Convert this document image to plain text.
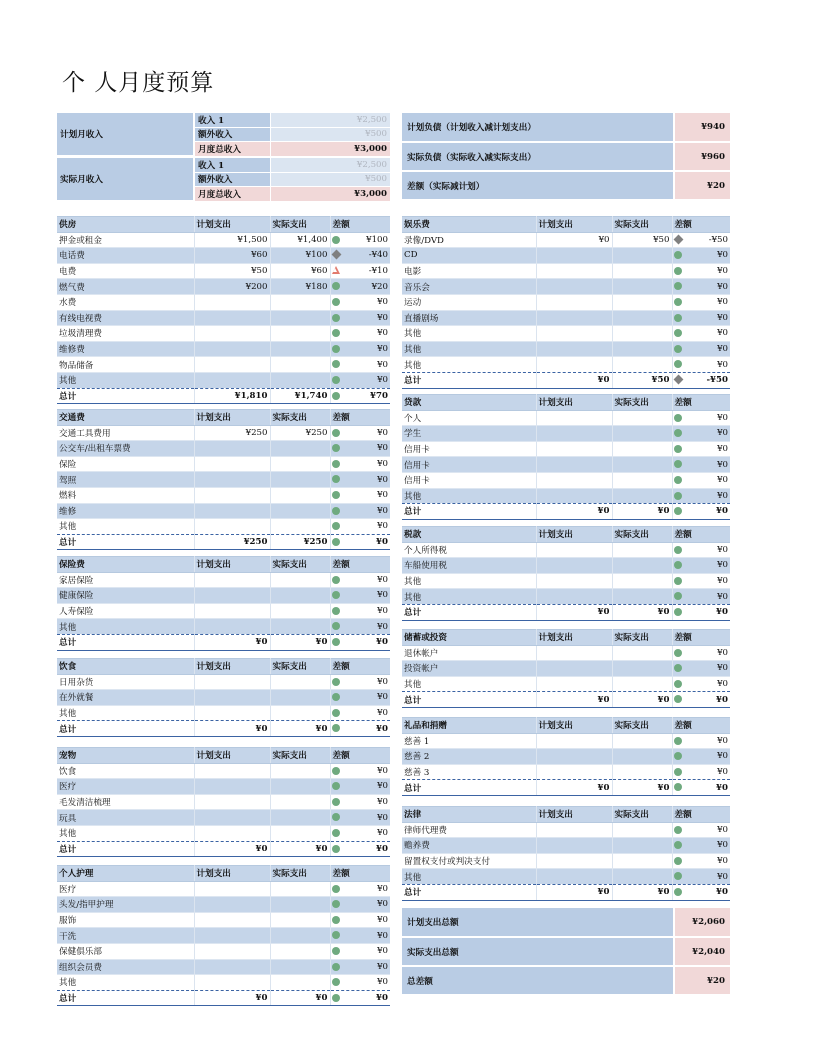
个 人月度预算
计划月收入	收入 1	¥2,500
	额外收入	¥500
	月度总收入	¥3,000
实际月收入	收入 1	¥2,500
	额外收入	¥500
	月度总收入	¥3,000
计划负债（计划收入减计划支出）	¥940
实际负债（实际收入减实际支出）	¥960
差额（实际减计划）	¥20
计划支出总额	¥2,060
实际支出总额	¥2,040
总差额	¥20
供房	计划支出	实际支出	差额
押金或租金	¥1,500	¥1,400	¥100
电话费	¥60	¥100	-¥40
电费	¥50	¥60	-¥10
燃气费	¥200	¥180	¥20
水费			¥0
有线电视费			¥0
垃圾清理费			¥0
维修费			¥0
物品储备			¥0
其他			¥0
总计	¥1,810	¥1,740	¥70
交通费	计划支出	实际支出	差额
交通工具费用	¥250	¥250	¥0
公交车/出租车票费			¥0
保险			¥0
驾照			¥0
燃料			¥0
维修			¥0
其他			¥0
总计	¥250	¥250	¥0
保险费	计划支出	实际支出	差额
家居保险			¥0
健康保险			¥0
人寿保险			¥0
其他			¥0
总计	¥0	¥0	¥0
饮食	计划支出	实际支出	差额
日用杂货			¥0
在外就餐			¥0
其他			¥0
总计	¥0	¥0	¥0
宠物	计划支出	实际支出	差额
饮食			¥0
医疗			¥0
毛发清洁梳理			¥0
玩具			¥0
其他			¥0
总计	¥0	¥0	¥0
个人护理	计划支出	实际支出	差额
医疗			¥0
头发/指甲护理			¥0
服饰			¥0
干洗			¥0
保健俱乐部			¥0
组织会员费			¥0
其他			¥0
总计	¥0	¥0	¥0
娱乐费	计划支出	实际支出	差额
录像/DVD	¥0	¥50	-¥50
CD			¥0
电影			¥0
音乐会			¥0
运动			¥0
直播剧场			¥0
其他			¥0
其他			¥0
其他			¥0
总计	¥0	¥50	-¥50
贷款	计划支出	实际支出	差额
个人			¥0
学生			¥0
信用卡			¥0
信用卡			¥0
信用卡			¥0
其他			¥0
总计	¥0	¥0	¥0
税款	计划支出	实际支出	差额
个人所得税			¥0
车船使用税			¥0
其他			¥0
其他			¥0
总计	¥0	¥0	¥0
储蓄或投资	计划支出	实际支出	差额
退休帐户			¥0
投资帐户			¥0
其他			¥0
总计	¥0	¥0	¥0
礼品和捐赠	计划支出	实际支出	差额
慈善 1			¥0
慈善 2			¥0
慈善 3			¥0
总计	¥0	¥0	¥0
法律	计划支出	实际支出	差额
律师代理费			¥0
赡养费			¥0
留置权支付或判决支付			¥0
其他			¥0
总计	¥0	¥0	¥0
